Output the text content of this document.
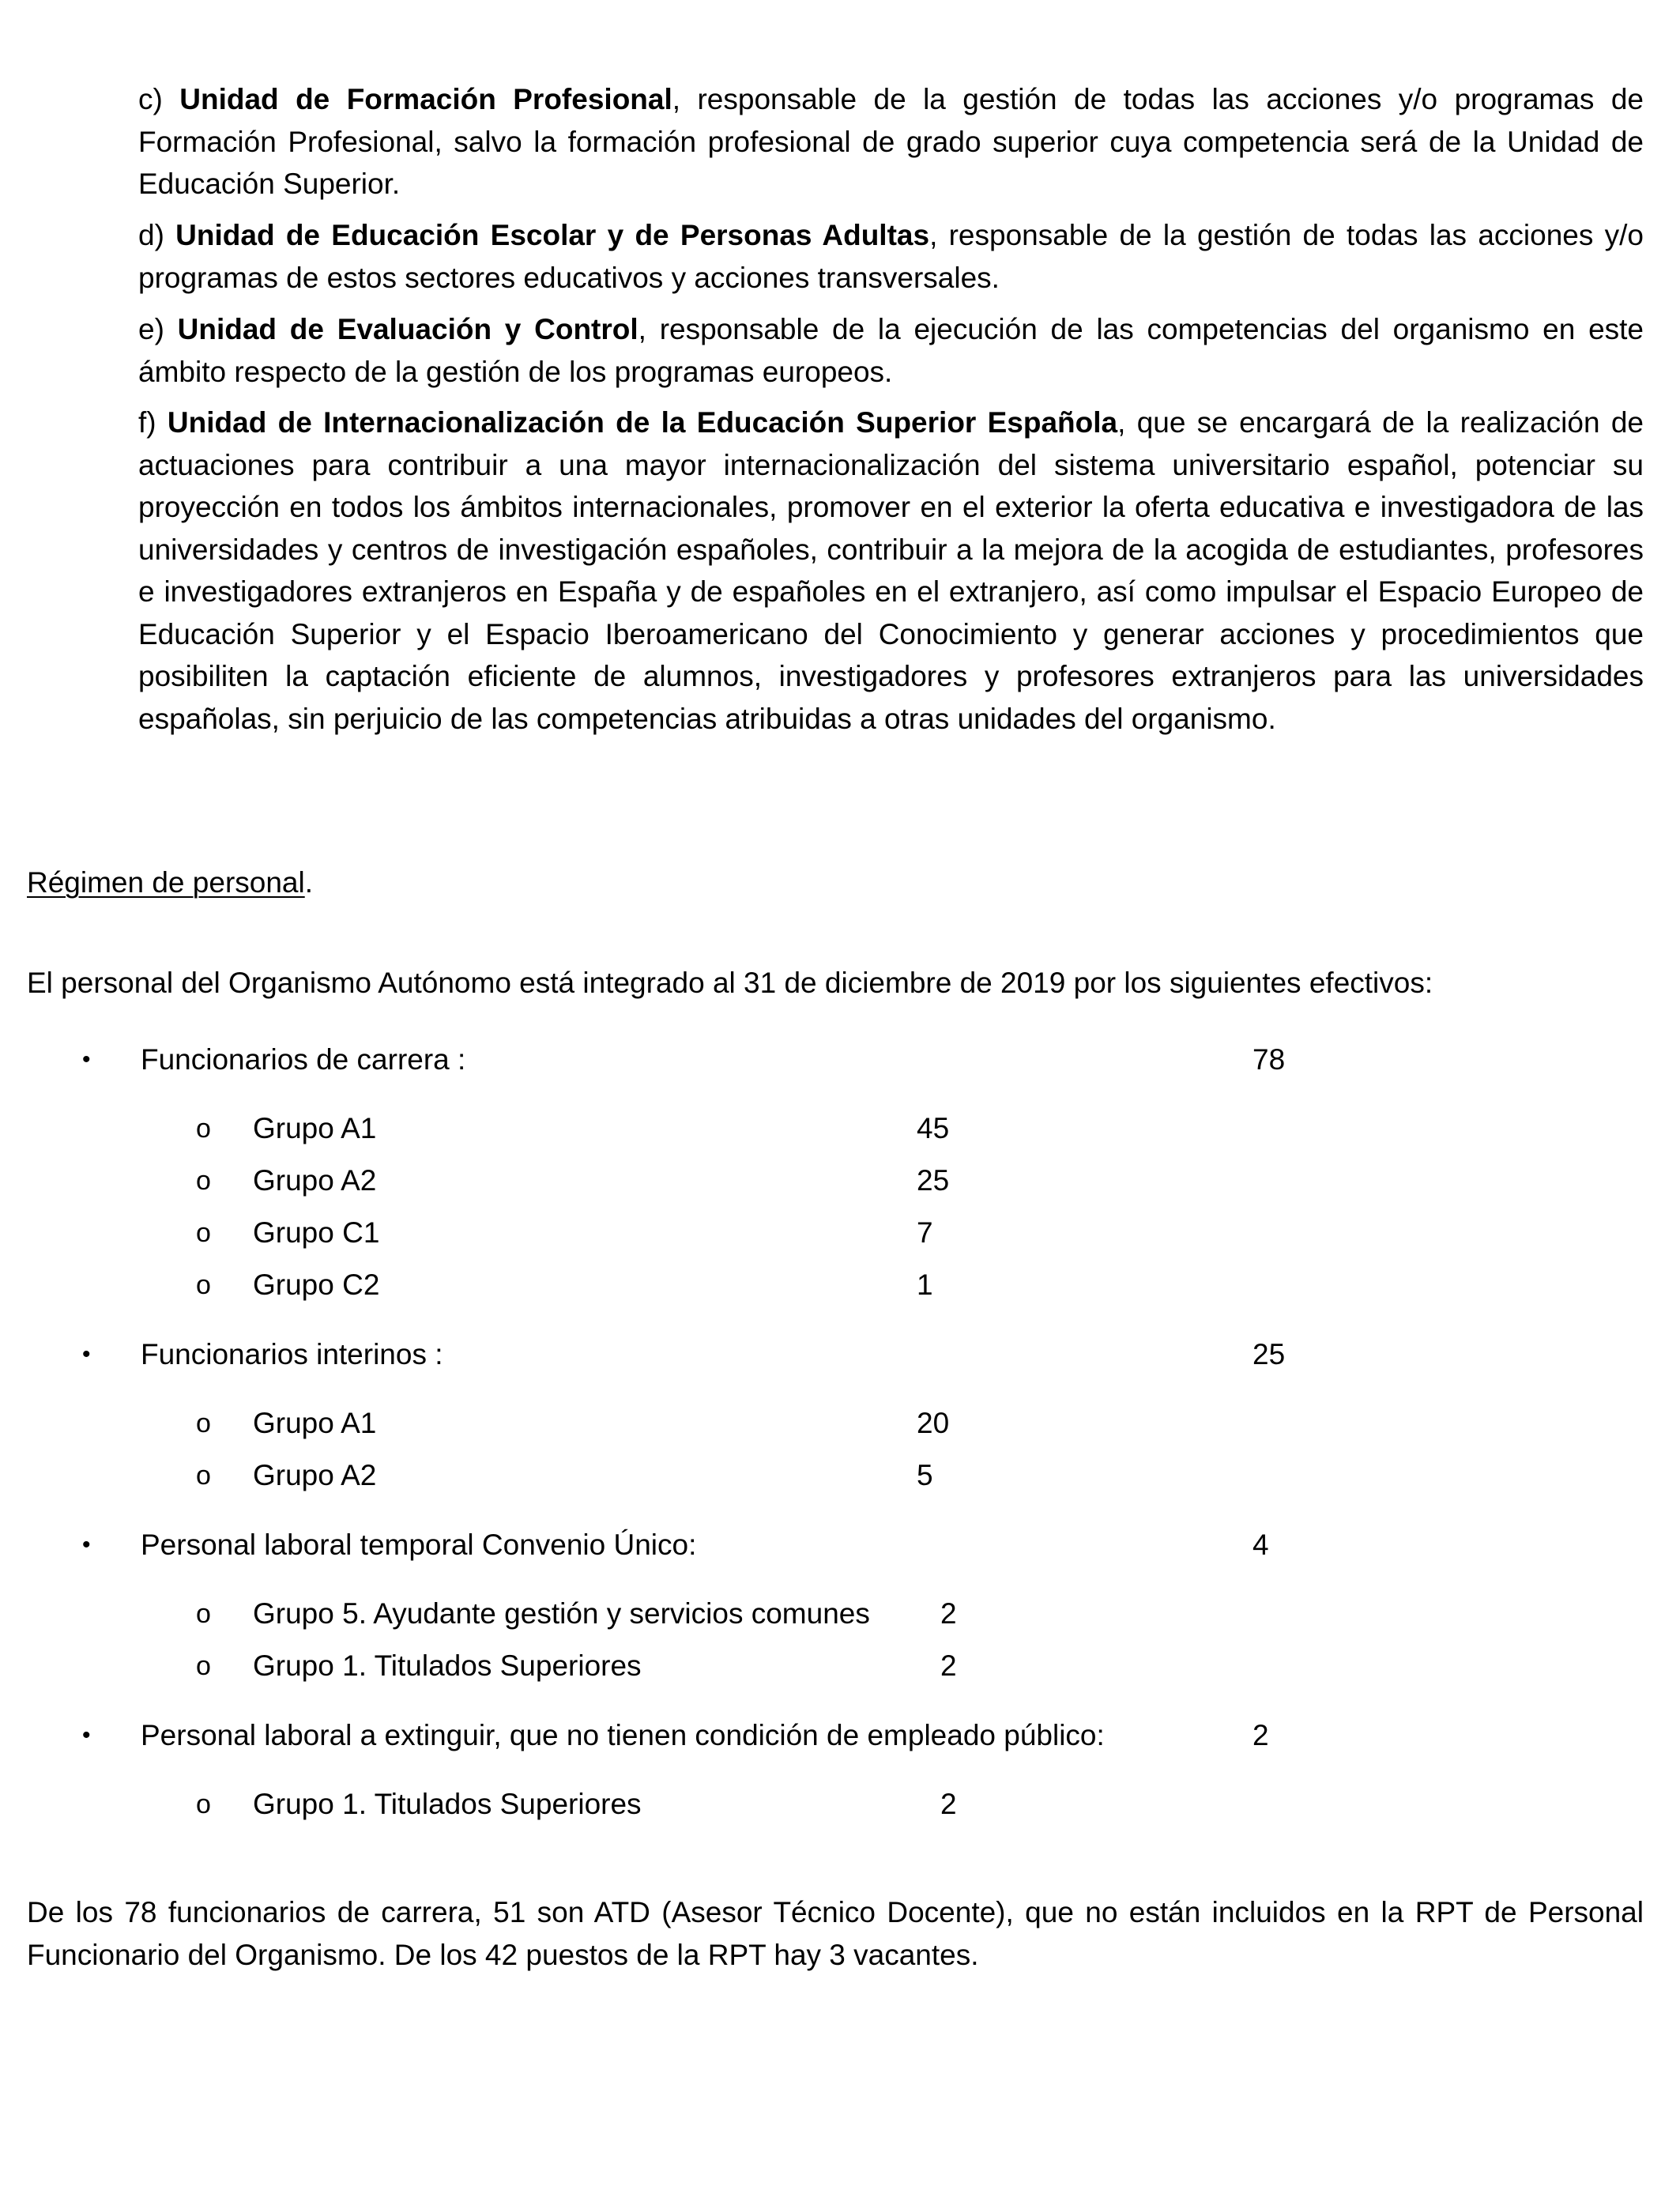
c) Unidad de Formación Profesional, responsable de la gestión de todas las acciones y/o programas de Formación Profesional, salvo la formación profesional de grado superior cuya competencia será de la Unidad de Educación Superior.

d) Unidad de Educación Escolar y de Personas Adultas, responsable de la gestión de todas las acciones y/o programas de estos sectores educativos y acciones transversales.

e) Unidad de Evaluación y Control, responsable de la ejecución de las competencias del organismo en este ámbito respecto de la gestión de los programas europeos.

f) Unidad de Internacionalización de la Educación Superior Española, que se encargará de la realización de actuaciones para contribuir a una mayor internacionalización del sistema universitario español, potenciar su proyección en todos los ámbitos internacionales, promover en el exterior la oferta educativa e investigadora de las universidades y centros de investigación españoles, contribuir a la mejora de la acogida de estudiantes, profesores e investigadores extranjeros en España y de españoles en el extranjero, así como impulsar el Espacio Europeo de Educación Superior y el Espacio Iberoamericano del Conocimiento y generar acciones y procedimientos que posibiliten la captación eficiente de alumnos, investigadores y profesores extranjeros para las universidades españolas, sin perjuicio de las competencias atribuidas a otras unidades del organismo.

Régimen de personal.

El personal del Organismo Autónomo está integrado al 31 de diciembre de 2019 por los siguientes efectivos:

• Funcionarios de carrera :	78
o Grupo A1	45
o Grupo A2	25
o Grupo C1	7
o Grupo C2	1
• Funcionarios interinos :	25
o Grupo A1	20
o Grupo A2	5
• Personal laboral temporal Convenio Único:	4
o Grupo 5. Ayudante gestión y servicios comunes 2
o Grupo 1. Titulados Superiores	2
• Personal laboral a extinguir, que no tienen condición de empleado público:	2
o Grupo 1. Titulados Superiores	2

De los 78 funcionarios de carrera, 51 son ATD (Asesor Técnico Docente), que no están incluidos en la RPT de Personal Funcionario del Organismo. De los 42 puestos de la RPT hay 3 vacantes.
